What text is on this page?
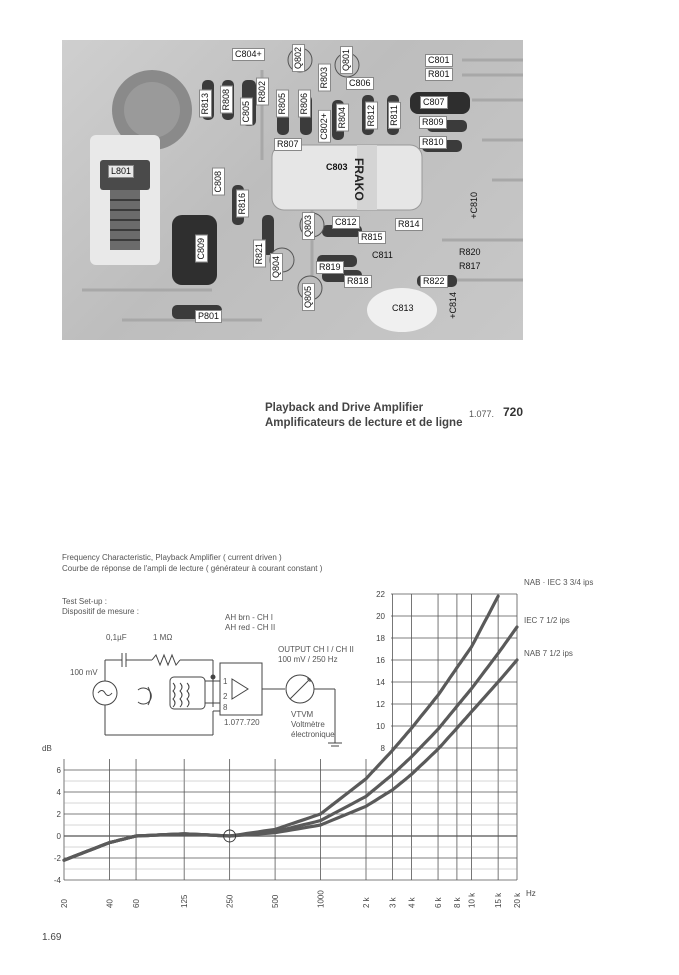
C804+	Q802	Q801	C801
R801
R813 R808
C805
R802
R805 R806
R803	C806
R804 R812 R811
C807
R809
C802+
R807	R810
L801	C808
C803 FRAKO
R816	+C810
Q803	C812	R814
C809	R821
R815
Q804
C811	R820
R819	R817
R818	R822
Q805	+C814
C813
P801
Playback and Drive Amplifier
Amplificateurs de lecture et de ligne
1.077. 720
Frequency Characteristic, Playback Amplifier ( current driven )
Courbe de réponse de l'ampli de lecture ( générateur à courant constant )
Test Set-up :
Dispositif de mesure :
0,1µF	1 MΩ
100 mV
AH brn - CH I
AH red - CH II
OUTPUT CH I / CH II
100 mV / 250 Hz
1
2
8
1.077.720
VTVM
Voltmètre
électronique
20	40 60	125	250	500	1000	2 k 3 k 4 k 6 k 8 k 10 k 15 k 20 k
6
4
2
0
-2
-4
22
20
18
16
14
12
10
8
NAB · IEC 3 3/4 ips
IEC 7 1/2 ips
NAB 7 1/2 ips
dB
Hz
1.69
